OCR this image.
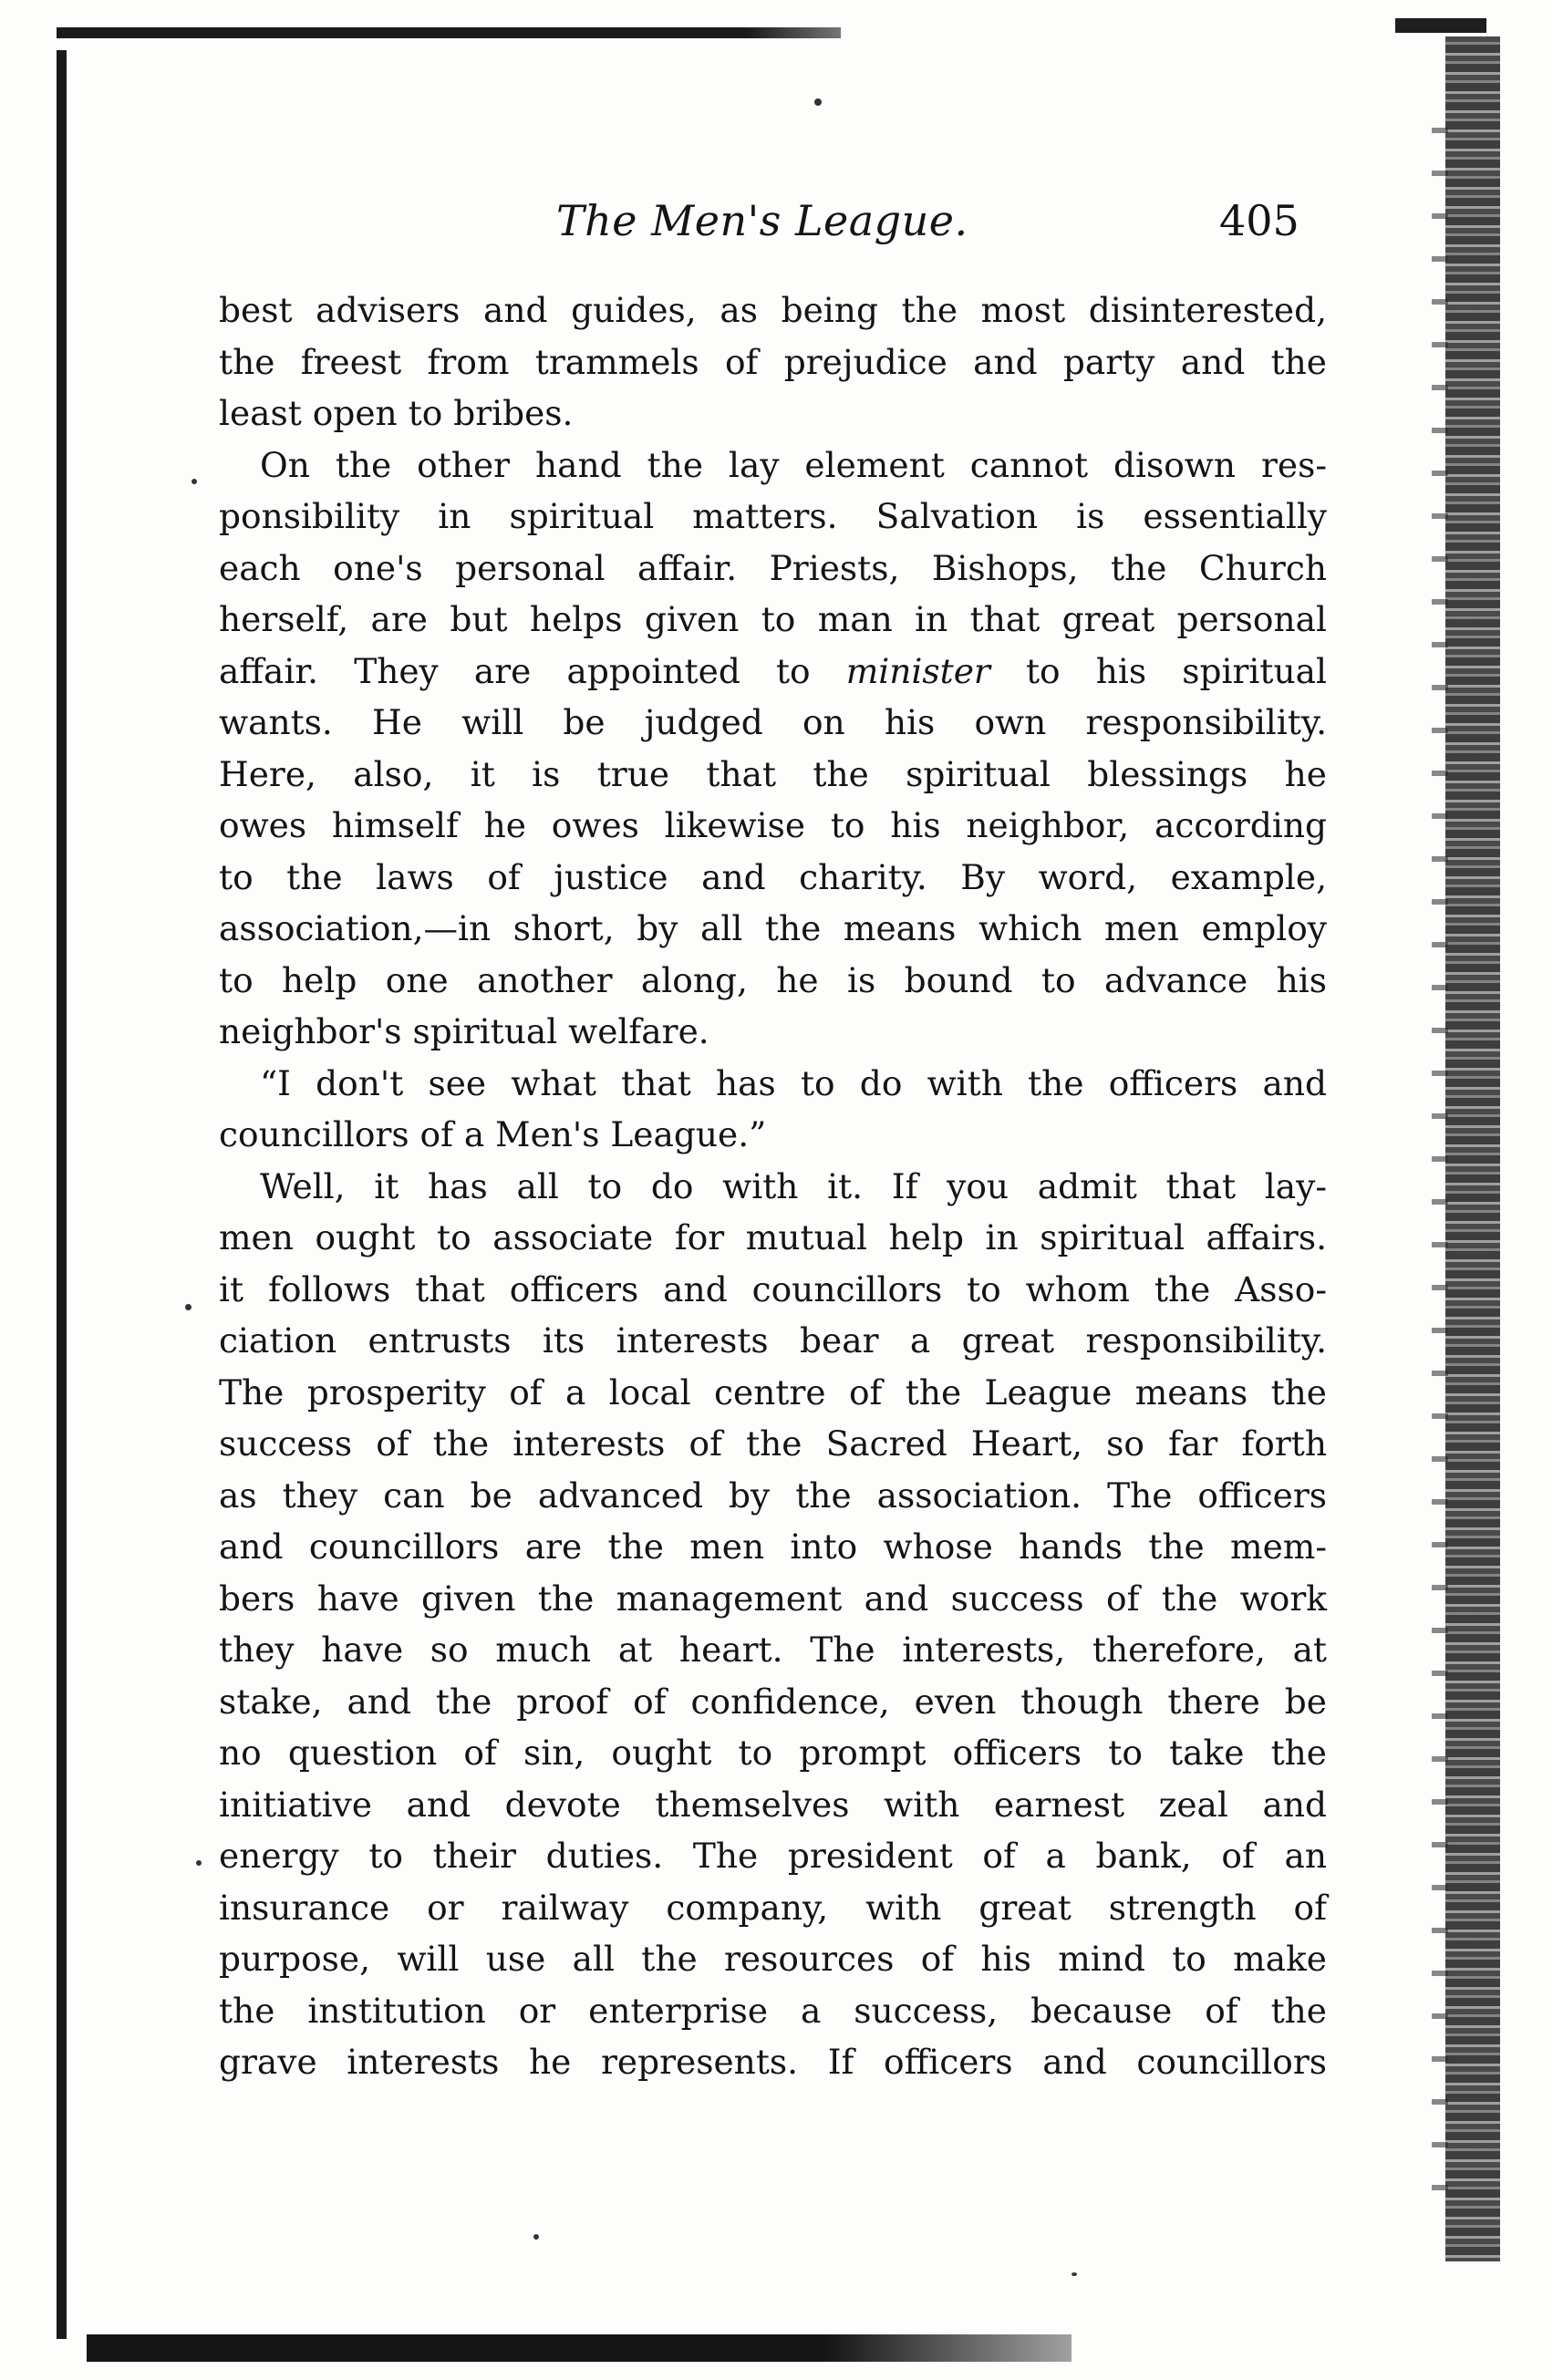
The Men's League.	405
best advisers and guides, as being the most disinterested,
the freest from trammels of prejudice and party and the
least open to bribes.
On the other hand the lay element cannot disown res-
ponsibility in spiritual matters. Salvation is essentially
each one's personal affair. Priests, Bishops, the Church
herself, are but helps given to man in that great personal
affair. They are appointed to minister to his spiritual
wants. He will be judged on his own responsibility.
Here, also, it is true that the spiritual blessings he
owes himself he owes likewise to his neighbor, according
to the laws of justice and charity. By word, example,
association,—in short, by all the means which men employ
to help one another along, he is bound to advance his
neighbor's spiritual welfare.
“I don't see what that has to do with the officers and
councillors of a Men's League.”
Well, it has all to do with it. If you admit that lay-
men ought to associate for mutual help in spiritual affairs.
it follows that officers and councillors to whom the Asso-
ciation entrusts its interests bear a great responsibility.
The prosperity of a local centre of the League means the
success of the interests of the Sacred Heart, so far forth
as they can be advanced by the association. The officers
and councillors are the men into whose hands the mem-
bers have given the management and success of the work
they have so much at heart. The interests, therefore, at
stake, and the proof of confidence, even though there be
no question of sin, ought to prompt officers to take the
initiative and devote themselves with earnest zeal and
energy to their duties. The president of a bank, of an
insurance or railway company, with great strength of
purpose, will use all the resources of his mind to make
the institution or enterprise a success, because of the
grave interests he represents. If officers and councillors
